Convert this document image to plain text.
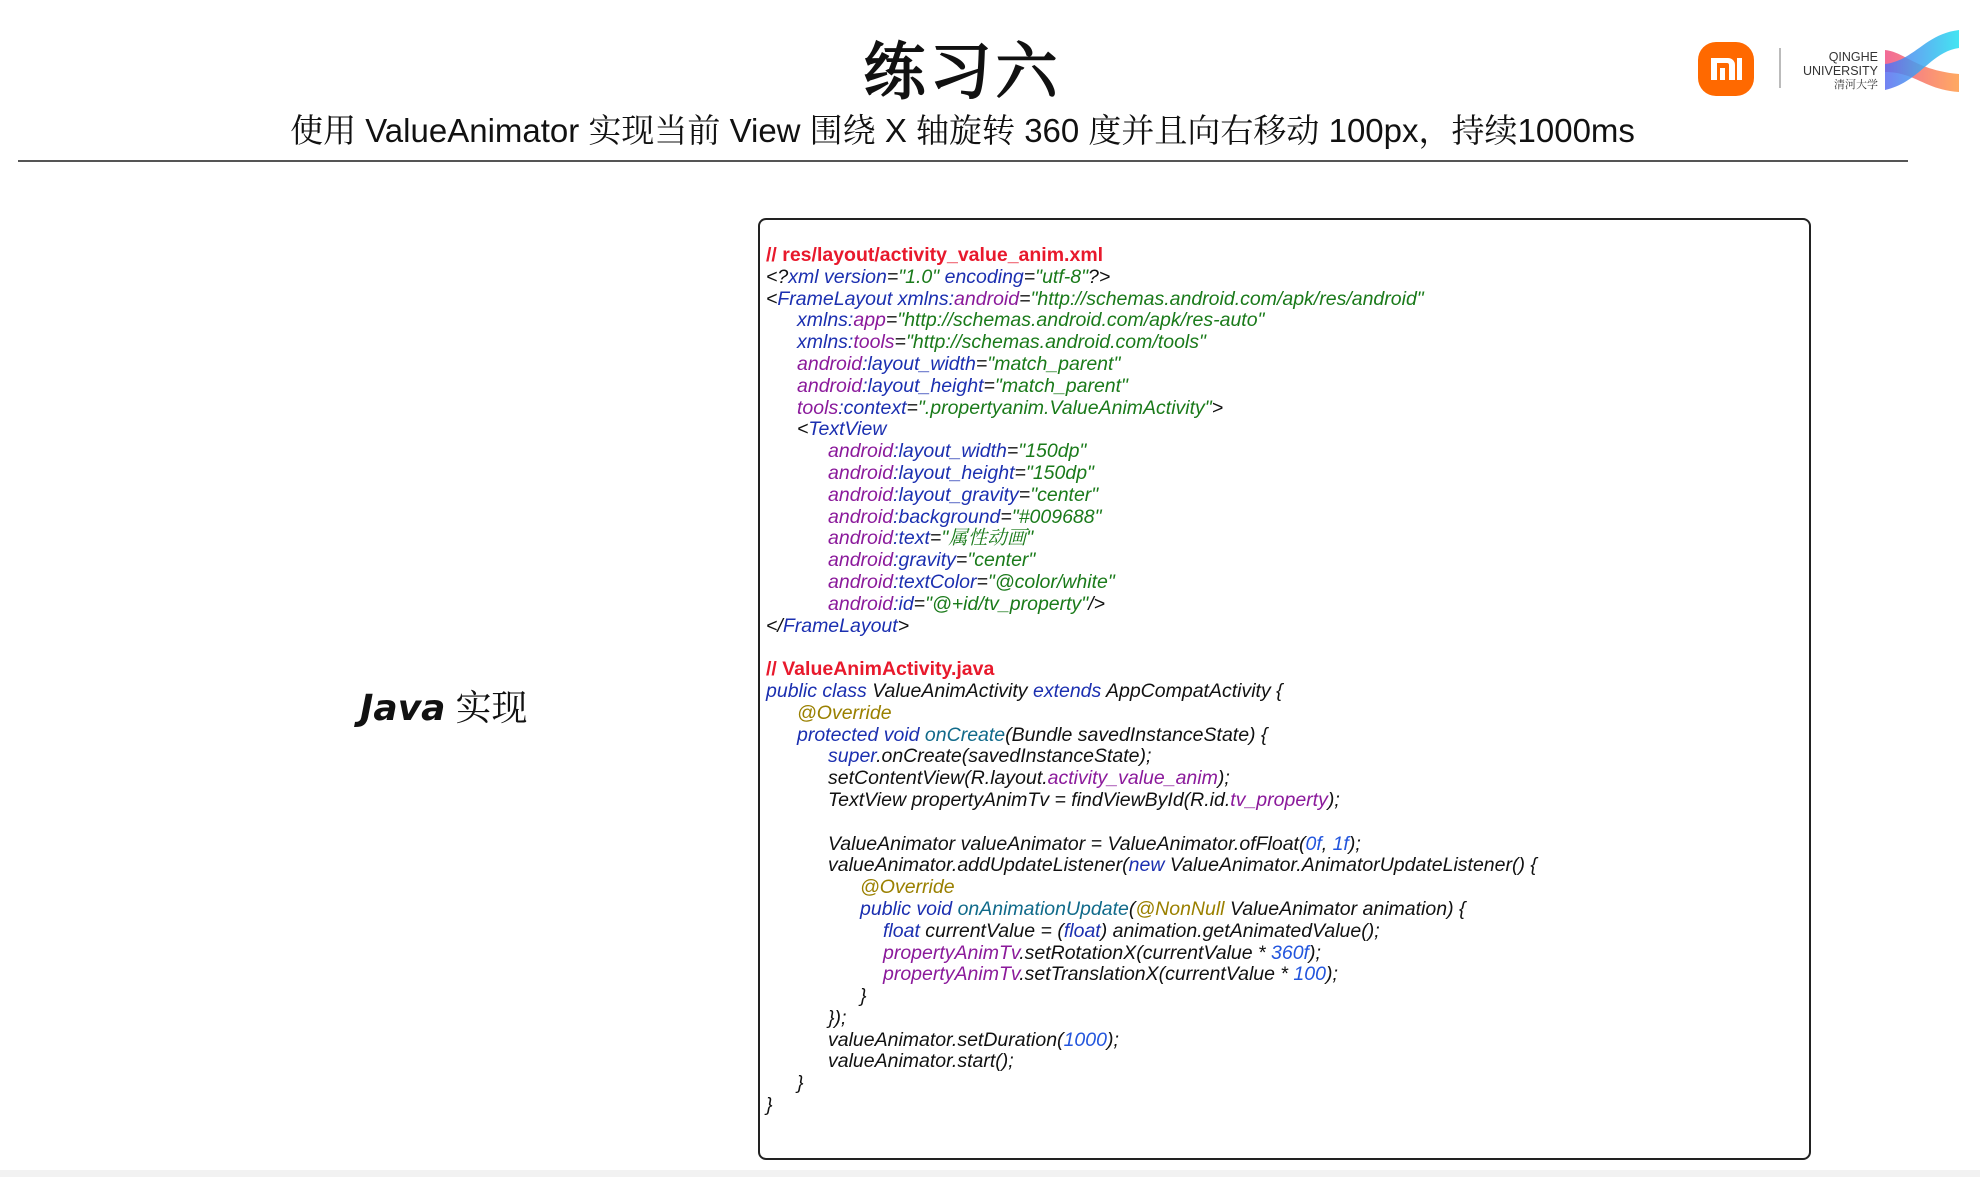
练习六
使用 ValueAnimator 实现当前 View 围绕 X 轴旋转 360 度并且向右移动 100px，持续1000ms
QINGHE
UNIVERSITY
清河大学
Java 实现
// res/layout/activity_value_anim.xml
<?xml version="1.0" encoding="utf-8"?>
<FrameLayout xmlns:android="http://schemas.android.com/apk/res/android"
xmlns:app="http://schemas.android.com/apk/res-auto"
xmlns:tools="http://schemas.android.com/tools"
android:layout_width="match_parent"
android:layout_height="match_parent"
tools:context=".propertyanim.ValueAnimActivity">
<TextView
android:layout_width="150dp"
android:layout_height="150dp"
android:layout_gravity="center"
android:background="#009688"
android:text="属性动画"
android:gravity="center"
android:textColor="@color/white"
android:id="@+id/tv_property"/>
</FrameLayout>
// ValueAnimActivity.java
public class ValueAnimActivity extends AppCompatActivity {
@Override
protected void onCreate(Bundle savedInstanceState) {
super.onCreate(savedInstanceState);
setContentView(R.layout.activity_value_anim);
TextView propertyAnimTv = findViewById(R.id.tv_property);
ValueAnimator valueAnimator = ValueAnimator.ofFloat(0f, 1f);
valueAnimator.addUpdateListener(new ValueAnimator.AnimatorUpdateListener() {
@Override
public void onAnimationUpdate(@NonNull ValueAnimator animation) {
float currentValue = (float) animation.getAnimatedValue();
propertyAnimTv.setRotationX(currentValue * 360f);
propertyAnimTv.setTranslationX(currentValue * 100);
}
});
valueAnimator.setDuration(1000);
valueAnimator.start();
}
}
